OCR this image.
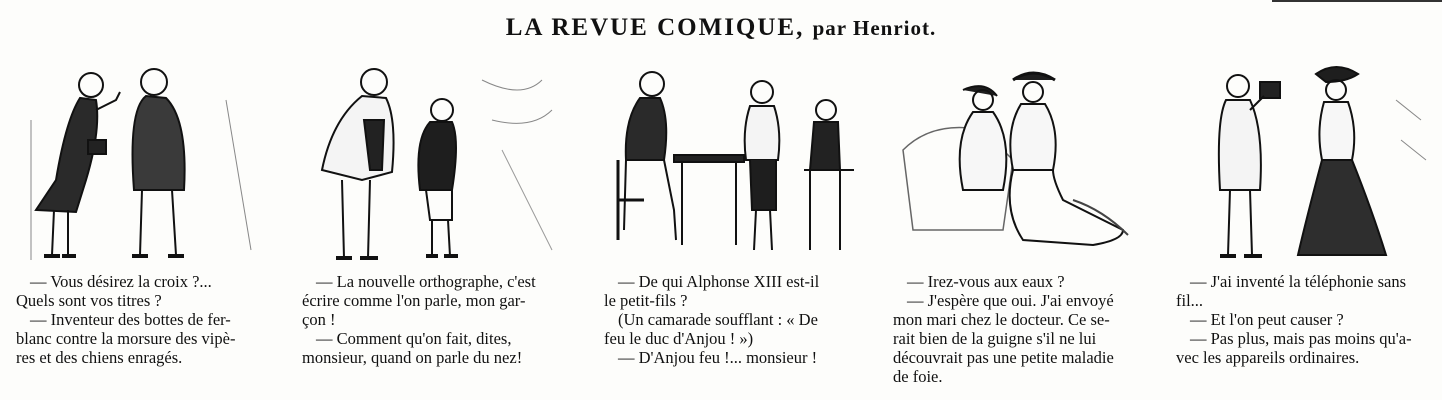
LA REVUE COMIQUE, par Henriot.

— Vous désirez la croix ?...

Quels sont vos titres ?

— Inventeur des bottes de fer-

blanc contre la morsure des vipè-

res et des chiens enragés.

— La nouvelle orthographe, c'est

écrire comme l'on parle, mon gar-

çon !

— Comment qu'on fait, dites,

monsieur, quand on parle du nez!

— De qui Alphonse XIII est-il

le petit-fils ?

(Un camarade soufflant : « De

feu le duc d'Anjou ! »)

— D'Anjou feu !... monsieur !

— Irez-vous aux eaux ?

— J'espère que oui. J'ai envoyé

mon mari chez le docteur. Ce se-

rait bien de la guigne s'il ne lui

découvrait pas une petite maladie

de foie.

— J'ai inventé la téléphonie sans

fil...

— Et l'on peut causer ?

— Pas plus, mais pas moins qu'a-

vec les appareils ordinaires.
